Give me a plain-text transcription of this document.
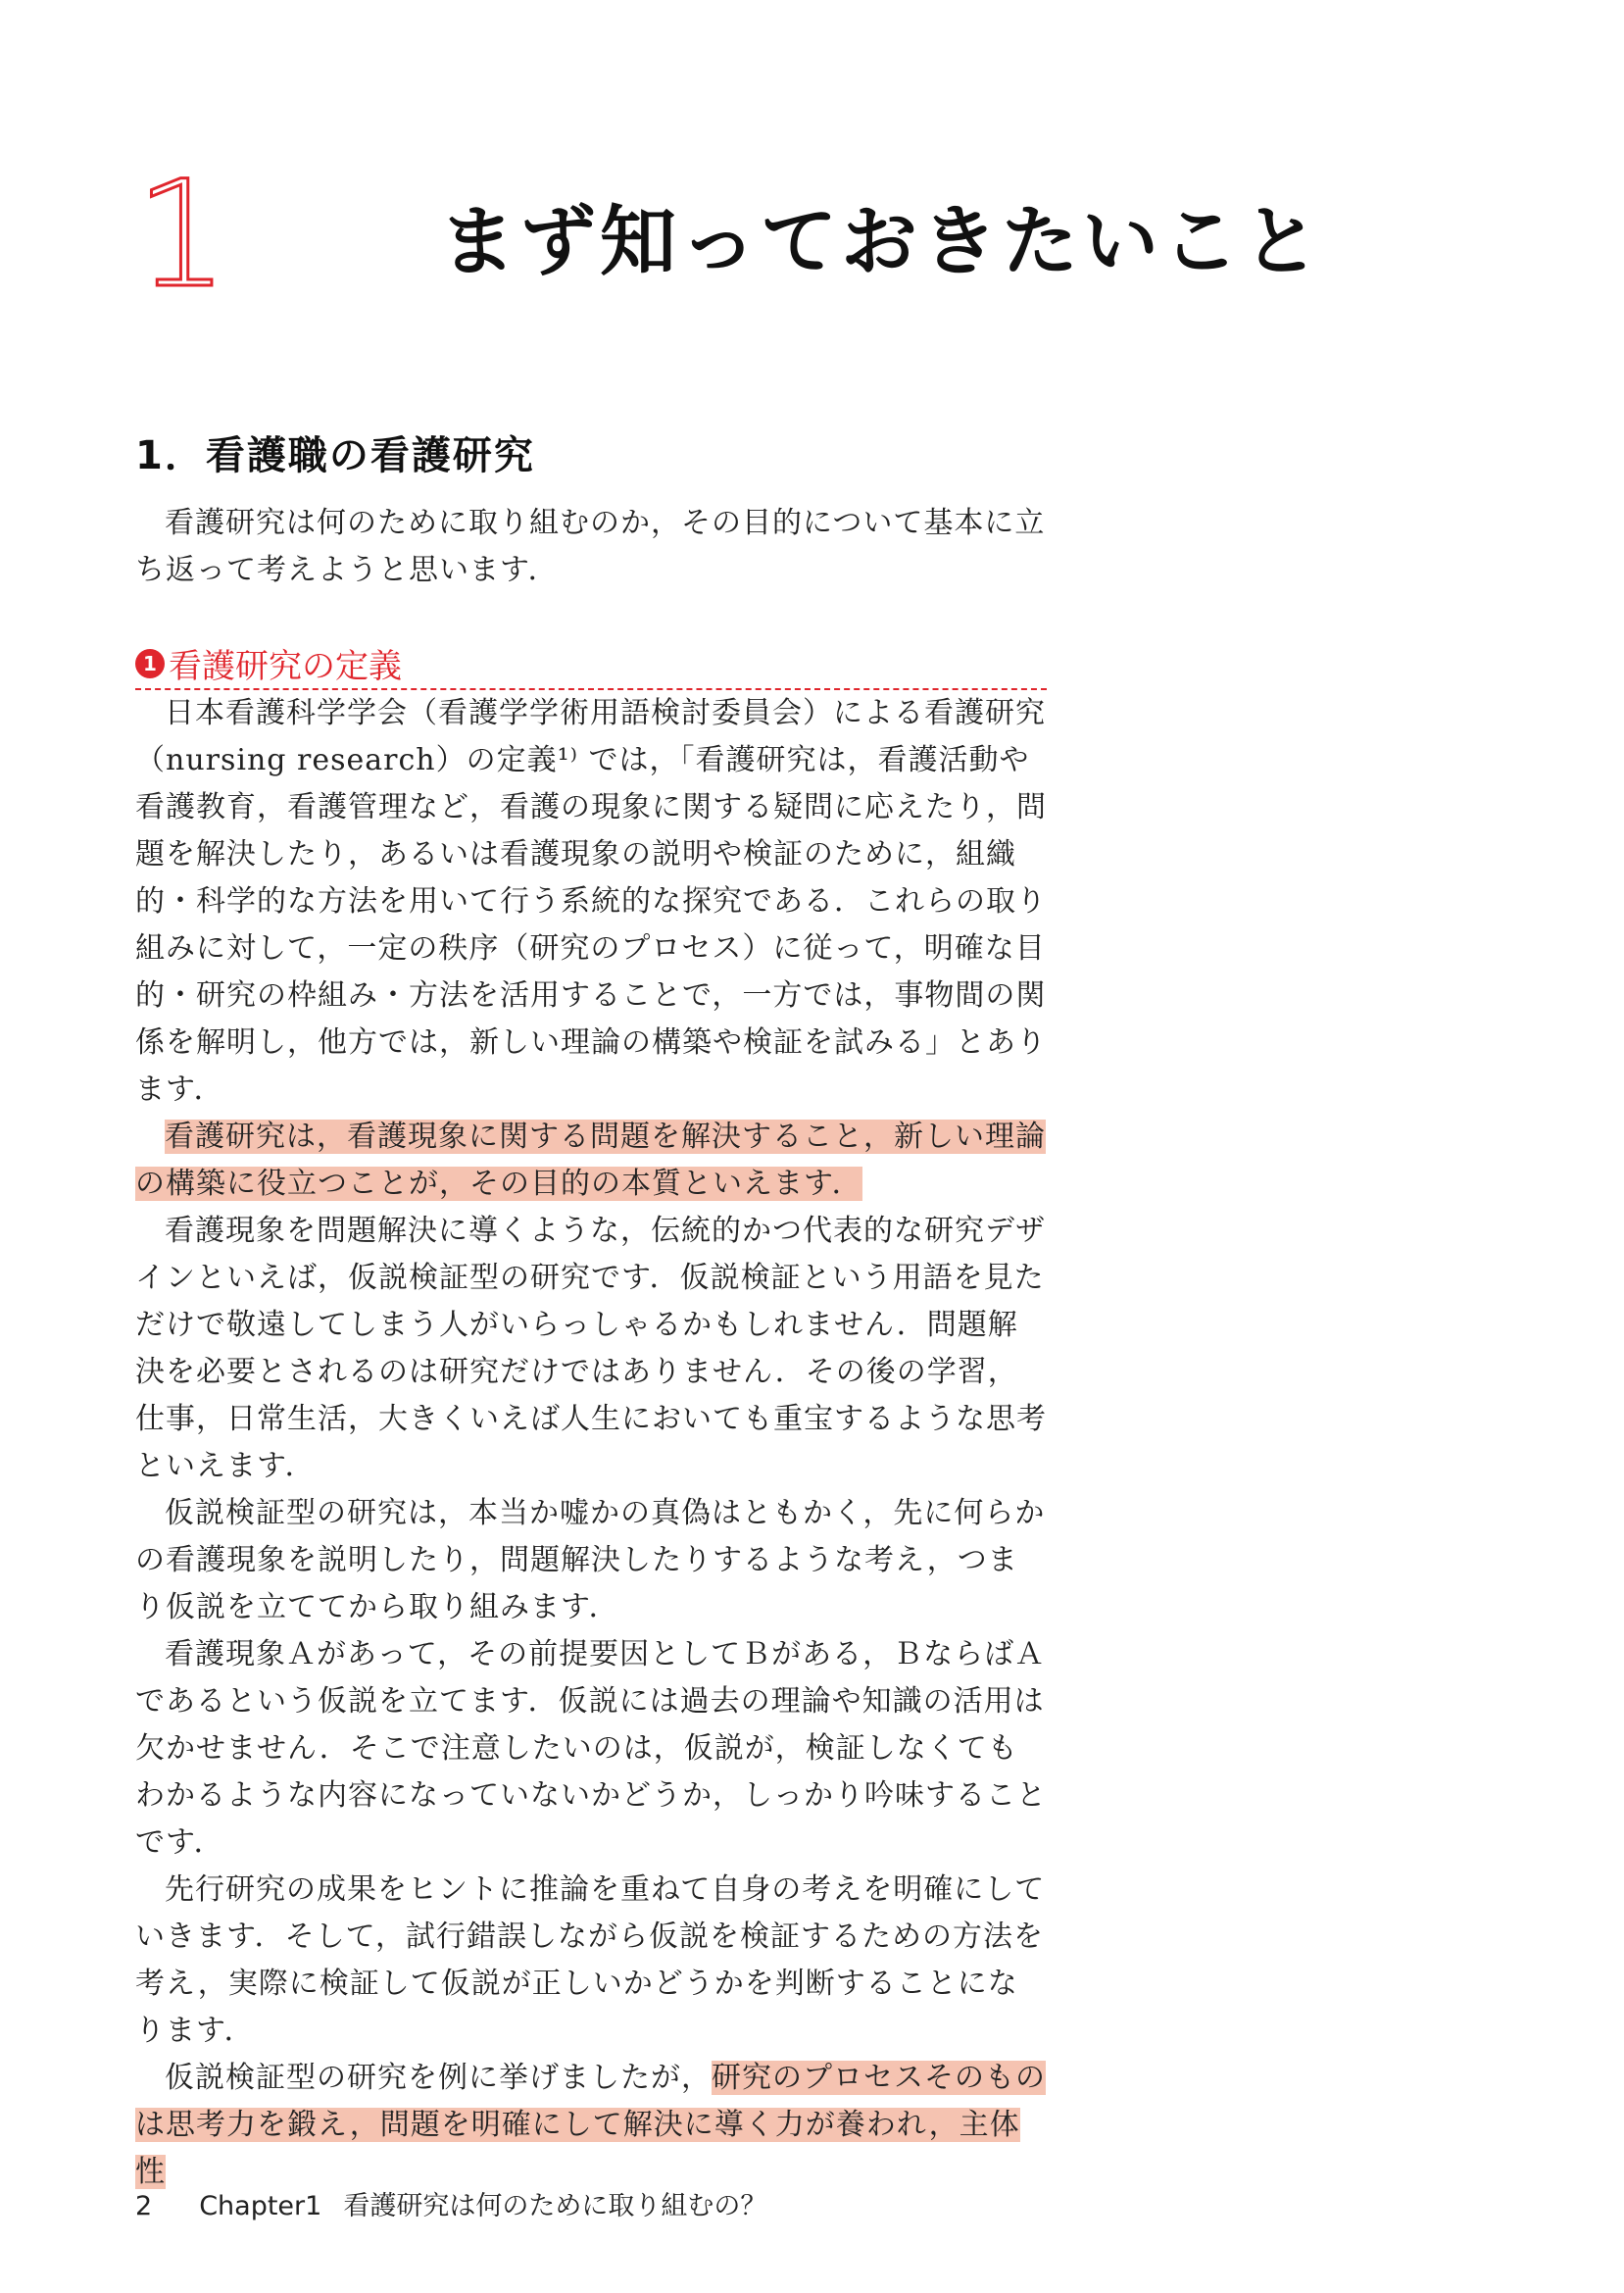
1	まず知っておきたいこと
1．看護職の看護研究

看護研究は何のために取り組むのか，その目的について基本に立ち返って考えようと思います．

1 看護研究の定義

日本看護科学学会（看護学学術用語検討委員会）による看護研究（nursing research）の定義¹⁾ では，「看護研究は，看護活動や看護教育，看護管理など，看護の現象に関する疑問に応えたり，問題を解決したり，あるいは看護現象の説明や検証のために，組織的・科学的な方法を用いて行う系統的な探究である．これらの取り組みに対して，一定の秩序（研究のプロセス）に従って，明確な目的・研究の枠組み・方法を活用することで，一方では，事物間の関係を解明し，他方では，新しい理論の構築や検証を試みる」とあります．

看護研究は，看護現象に関する問題を解決すること，新しい理論の構築に役立つことが，その目的の本質といえます．

看護現象を問題解決に導くような，伝統的かつ代表的な研究デザインといえば，仮説検証型の研究です．仮説検証という用語を見ただけで敬遠してしまう人がいらっしゃるかもしれません．問題解決を必要とされるのは研究だけではありません．その後の学習，仕事，日常生活，大きくいえば人生においても重宝するような思考といえます．

仮説検証型の研究は，本当か嘘かの真偽はともかく，先に何らかの看護現象を説明したり，問題解決したりするような考え，つまり仮説を立ててから取り組みます．

看護現象Ａがあって，その前提要因としてＢがある，ＢならばＡであるという仮説を立てます．仮説には過去の理論や知識の活用は欠かせません．そこで注意したいのは，仮説が，検証しなくてもわかるような内容になっていないかどうか，しっかり吟味することです．

先行研究の成果をヒントに推論を重ねて自身の考えを明確にしていきます．そして，試行錯誤しながら仮説を検証するための方法を考え，実際に検証して仮説が正しいかどうかを判断することになります．

仮説検証型の研究を例に挙げましたが，研究のプロセスそのものは思考力を鍛え，問題を明確にして解決に導く力が養われ，主体性

2 Chapter1 看護研究は何のために取り組むの？
